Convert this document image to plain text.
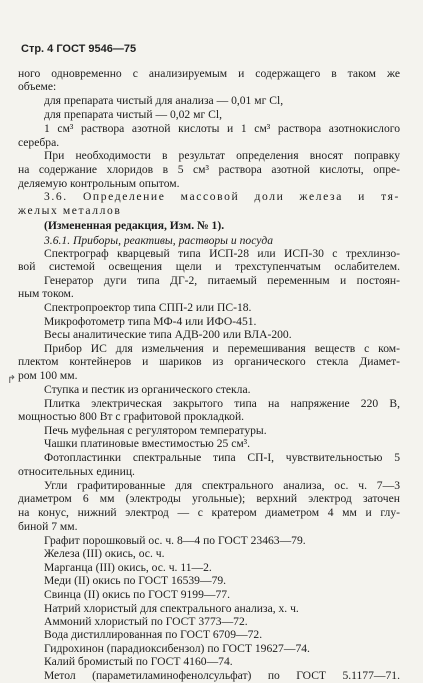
Стр. 4 ГОСТ 9546—75
↱
ного одновременно с анализируемым и содержащего в таком же
объеме:
для препарата чистый для анализа — 0,01 мг Cl,
для препарата чистый — 0,02 мг Cl,
1 см³ раствора азотной кислоты и 1 см³ раствора азотнокислого
серебра.
При необходимости в результат определения вносят поправку
на содержание хлоридов в 5 см³ раствора азотной кислоты, опре-
деляемую контрольным опытом.
3.6. Определение массовой доли железа и тя-
желых металлов
(Измененная редакция, Изм. № 1).
3.6.1. Приборы, реактивы, растворы и посуда
Спектрограф кварцевый типа ИСП-28 или ИСП-30 с трехлинзо-
вой системой освещения щели и трехступенчатым ослабителем.
Генератор дуги типа ДГ-2, питаемый переменным и постоян-
ным током.
Спектропроектор типа СПП-2 или ПС-18.
Микрофотометр типа МФ-4 или ИФО-451.
Весы аналитические типа АДВ-200 или ВЛА-200.
Прибор ИС для измельчения и перемешивания веществ с ком-
плектом контейнеров и шариков из органического стекла Диамет-
ром 100 мм.
Ступка и пестик из органического стекла.
Плитка электрическая закрытого типа на напряжение 220 В,
мощностью 800 Вт с графитовой прокладкой.
Печь муфельная с регулятором температуры.
Чашки платиновые вместимостью 25 см³.
Фотопластинки спектральные типа СП-I, чувствительностью 5
относительных единиц.
Угли графитированные для спектрального анализа, ос. ч. 7—3
диаметром 6 мм (электроды угольные); верхний электрод заточен
на конус, нижний электрод — с кратером диаметром 4 мм и глу-
биной 7 мм.
Графит порошковый ос. ч. 8—4 по ГОСТ 23463—79.
Железа (III) окись, ос. ч.
Марганца (III) окись, ос. ч. 11—2.
Меди (II) окись по ГОСТ 16539—79.
Свинца (II) окись по ГОСТ 9199—77.
Натрий хлористый для спектрального анализа, х. ч.
Аммоний хлористый по ГОСТ 3773—72.
Вода дистиллированная по ГОСТ 6709—72.
Гидрохинон (парадиоксибензол) по ГОСТ 19627—74.
Калий бромистый по ГОСТ 4160—74.
Метол (параметиламинофенолсульфат) по ГОСТ 5.1177—71.
